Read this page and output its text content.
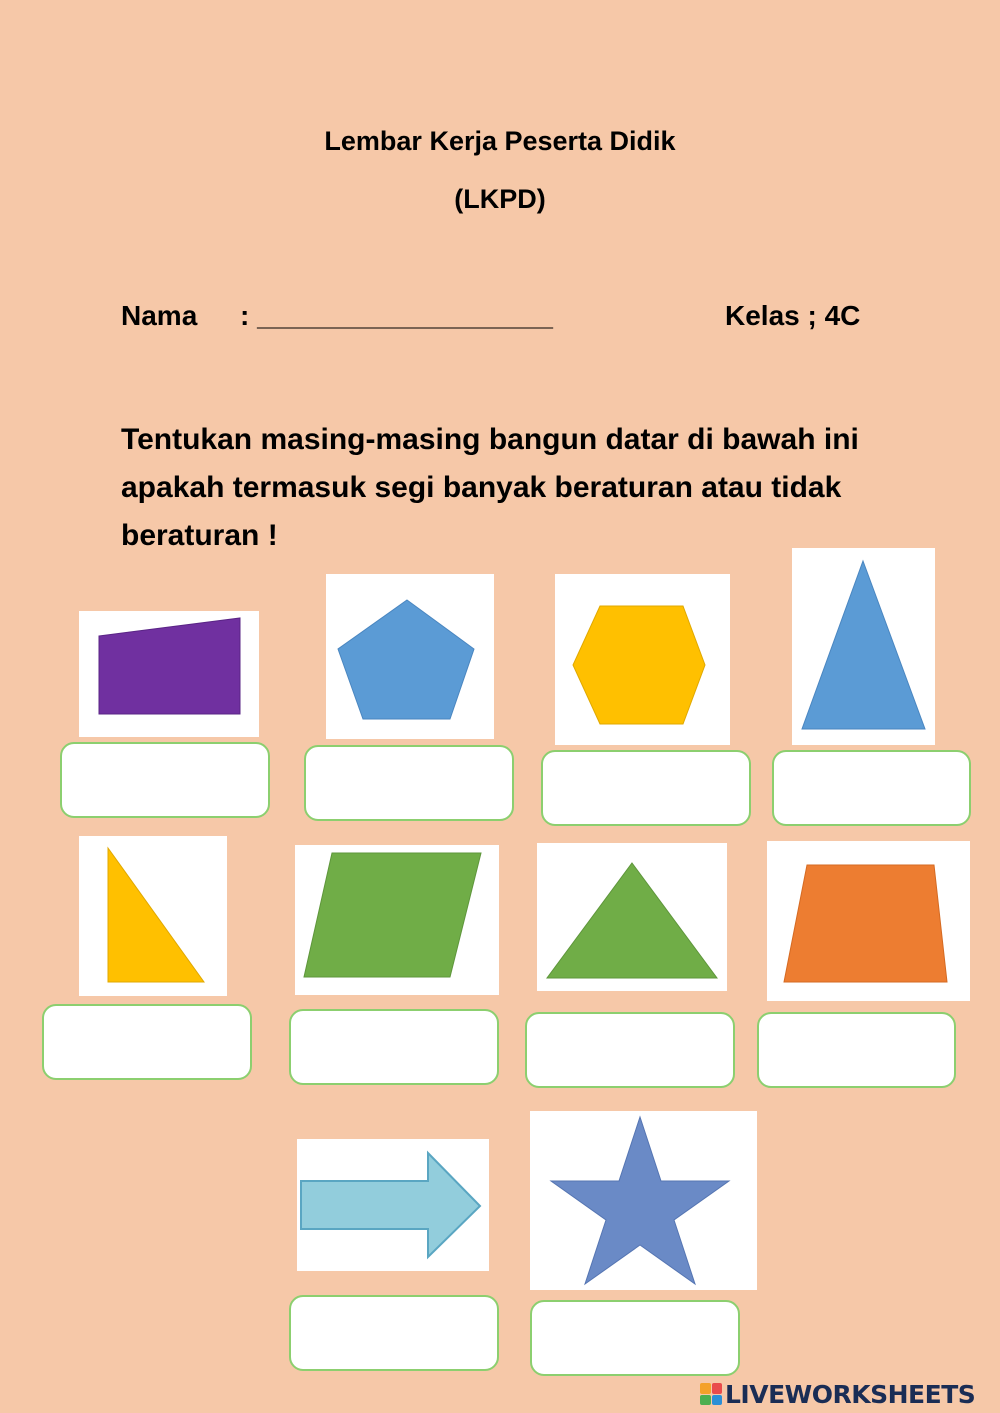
Lembar Kerja Peserta Didik
(LKPD)
Nama : ___________________	Kelas ; 4C
Tentukan masing-masing bangun datar di bawah ini apakah termasuk segi banyak beraturan atau tidak beraturan !
LIVEWORKSHEETS
